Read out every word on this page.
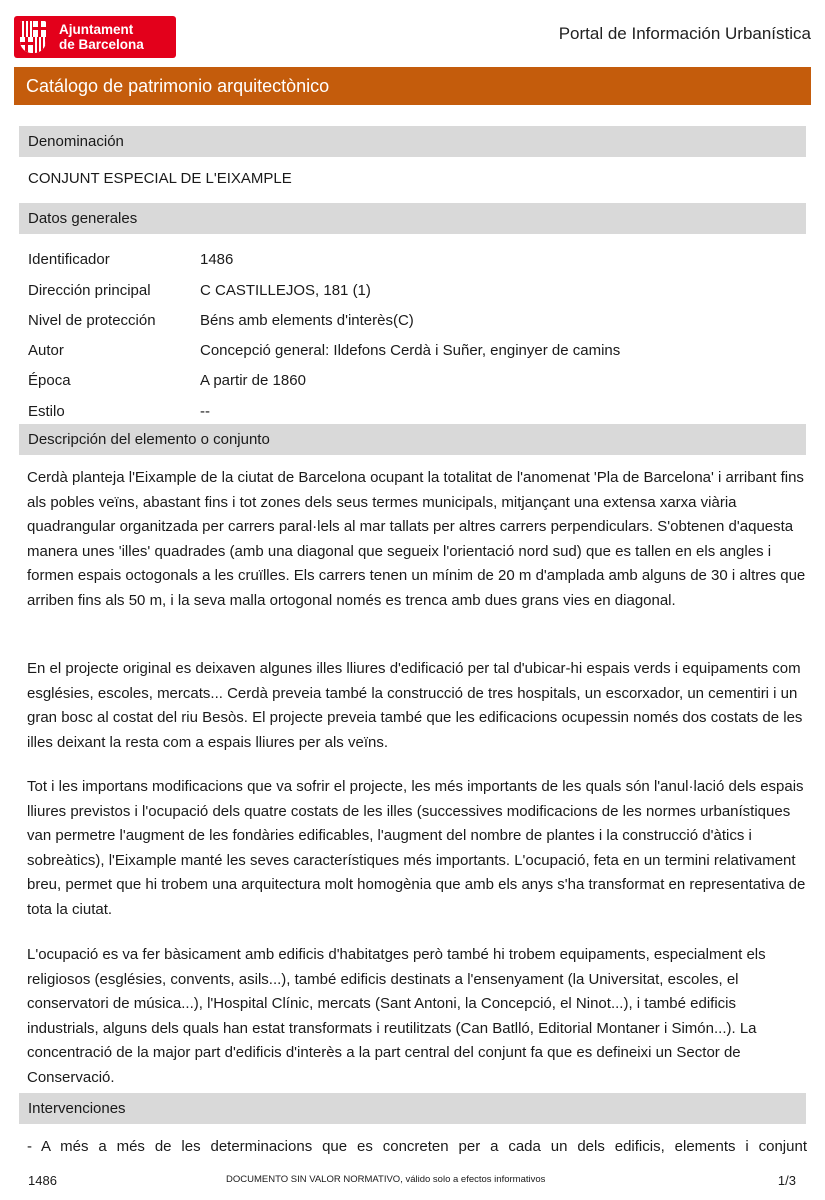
Ajuntament
de Barcelona
Portal de Información Urbanística
Catálogo de patrimonio arquitectònico
Denominación
CONJUNT ESPECIAL DE L'EIXAMPLE
Datos generales
Identificador	1486
Dirección principal	C CASTILLEJOS, 181 (1)
Nivel de protección	Béns amb elements d'interès(C)
Autor	Concepció general: Ildefons Cerdà i Suñer, enginyer de camins
Época	A partir de 1860
Estilo	--
Descripción del elemento o conjunto
Cerdà planteja l'Eixample de la ciutat de Barcelona ocupant la totalitat de l'anomenat 'Pla de Barcelona' i arribant fins als pobles veïns, abastant fins i tot zones dels seus termes municipals, mitjançant una extensa xarxa viària quadrangular organitzada per carrers paral·lels al mar tallats per altres carrers perpendiculars. S'obtenen d'aquesta manera unes 'illes' quadrades (amb una diagonal que segueix l'orientació nord sud) que es tallen en els angles i formen espais octogonals a les cruïlles. Els carrers tenen un mínim de 20 m d'amplada amb alguns de 30 i altres que arriben fins als 50 m, i la seva malla ortogonal només es trenca amb dues grans vies en diagonal.
En el projecte original es deixaven algunes illes lliures d'edificació per tal d'ubicar-hi espais verds i equipaments com esglésies, escoles, mercats... Cerdà preveia també la construcció de tres hospitals, un escorxador, un cementiri i un gran bosc al costat del riu Besòs. El projecte preveia també que les edificacions ocupessin només dos costats de les illes deixant la resta com a espais lliures per als veïns.
Tot i les importans modificacions que va sofrir el projecte, les més importants de les quals són l'anul·lació dels espais lliures previstos i l'ocupació dels quatre costats de les illes (successives modificacions de les normes urbanístiques van permetre l'augment de les fondàries edificables, l'augment del nombre de plantes i la construcció d'àtics i sobreàtics), l'Eixample manté les seves característiques més importants. L'ocupació, feta en un termini relativament breu, permet que hi trobem una arquitectura molt homogènia que amb els anys s'ha transformat en representativa de tota la ciutat.
L'ocupació es va fer bàsicament amb edificis d'habitatges però també hi trobem equipaments, especialment els religiosos (esglésies, convents, asils...), també edificis destinats a l'ensenyament (la Universitat, escoles, el conservatori de música...), l'Hospital Clínic, mercats (Sant Antoni, la Concepció, el Ninot...), i també edificis industrials, alguns dels quals han estat transformats i reutilitzats (Can Batlló, Editorial Montaner i Simón...). La concentració de la major part d'edificis d'interès a la part central del conjunt fa que es defineixi un Sector de Conservació.
Intervenciones
- A més a més de les determinacions que es concreten per a cada un dels edificis, elements i conjunt
1486	DOCUMENTO SIN VALOR NORMATIVO, válido solo a efectos informativos	1/3
